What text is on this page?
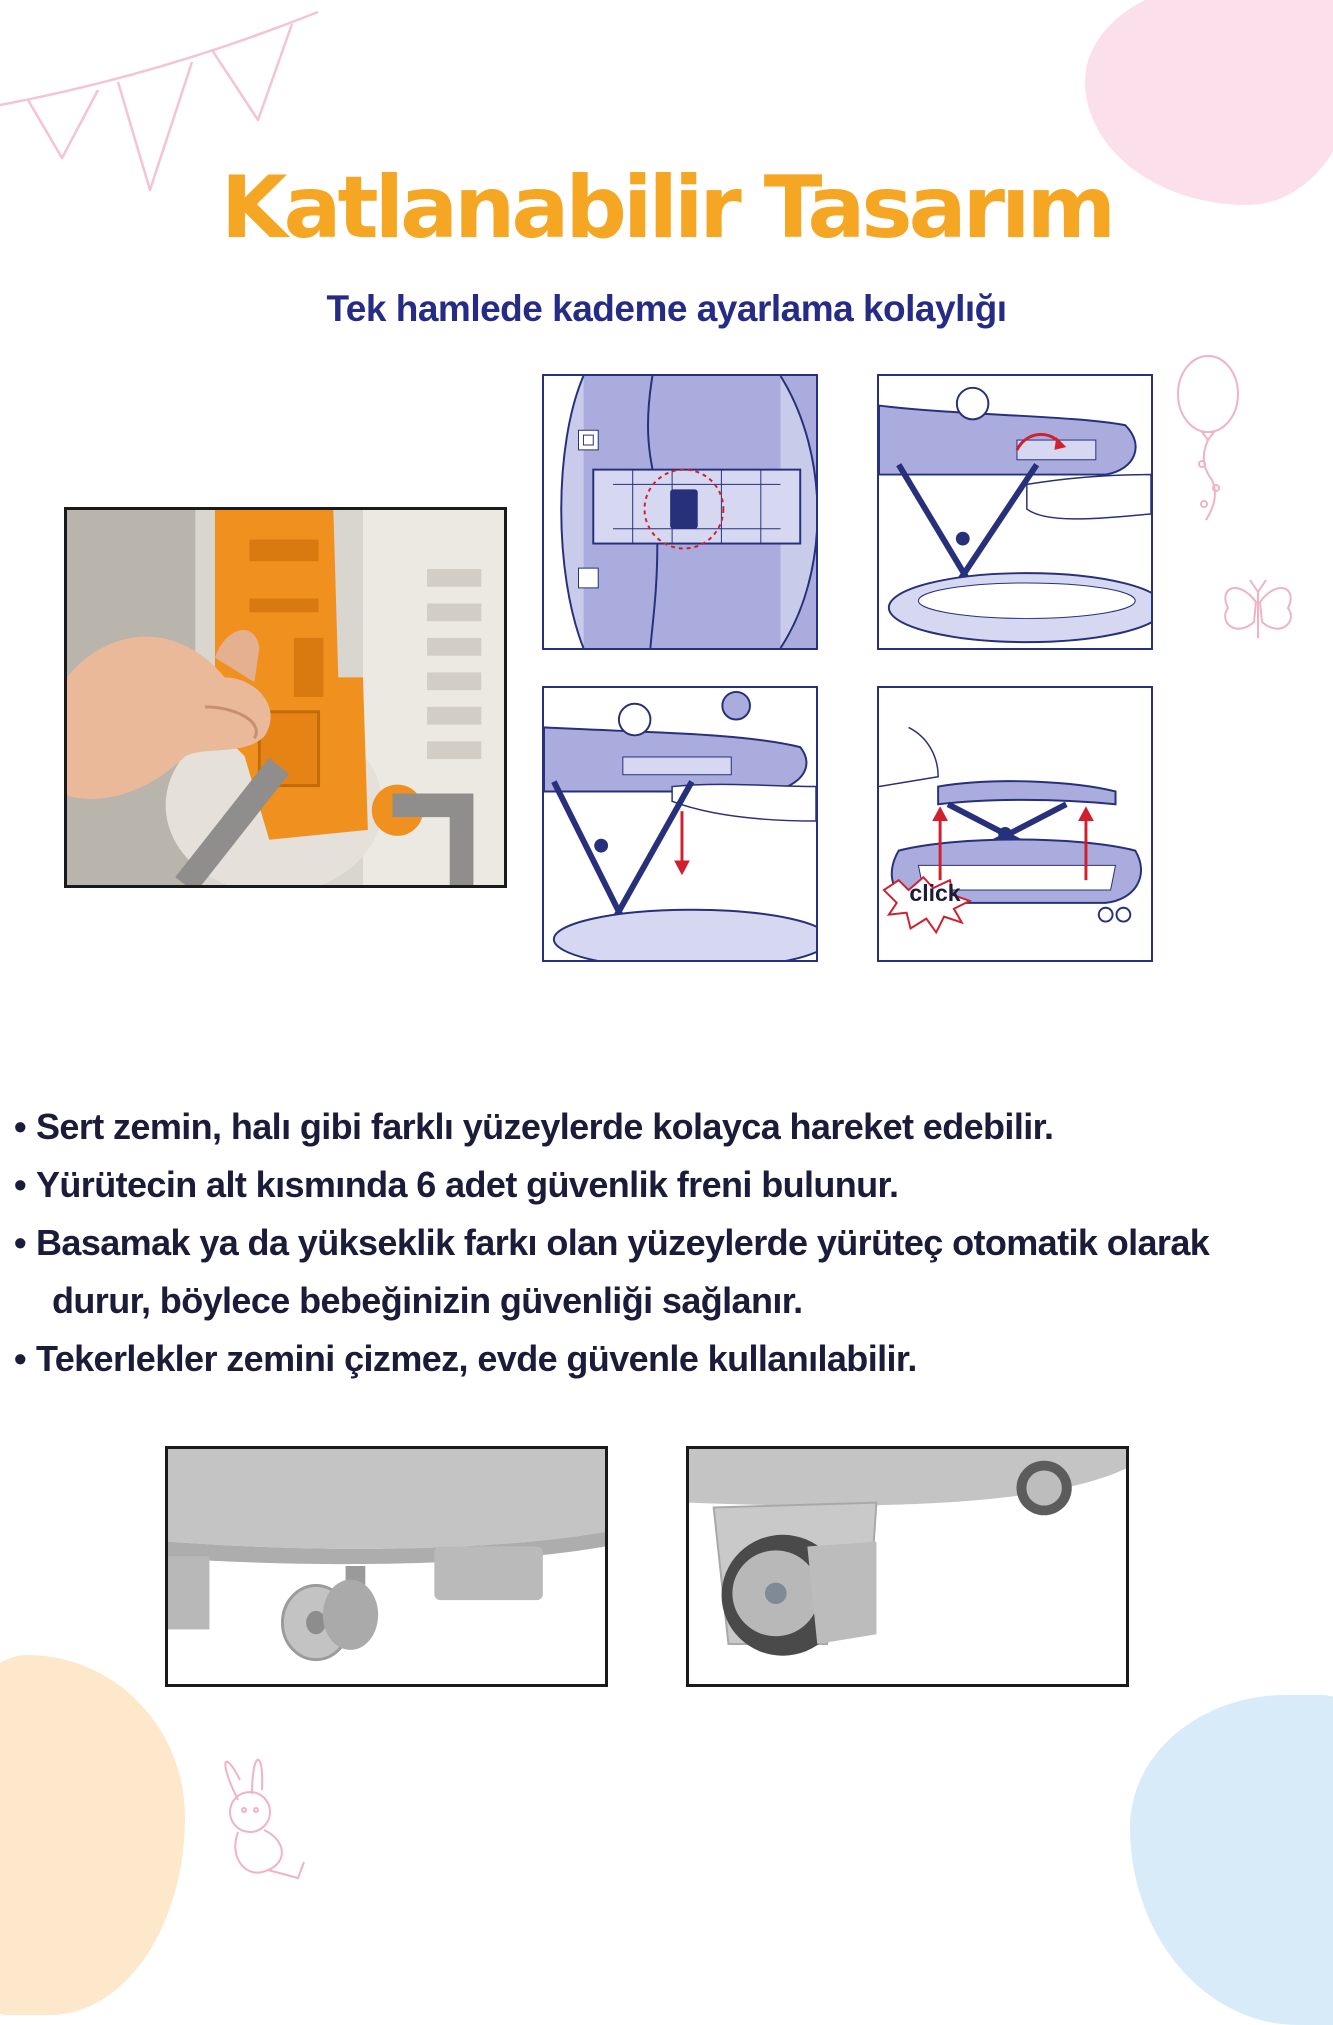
Katlanabilir Tasarım
Tek hamlede kademe ayarlama kolaylığı
click
• Sert zemin, halı gibi farklı yüzeylerde kolayca hareket edebilir.
• Yürütecin alt kısmında 6 adet güvenlik freni bulunur.
• Basamak ya da yükseklik farkı olan yüzeylerde yürüteç otomatik olarak
durur, böylece bebeğinizin güvenliği sağlanır.
• Tekerlekler zemini çizmez, evde güvenle kullanılabilir.
